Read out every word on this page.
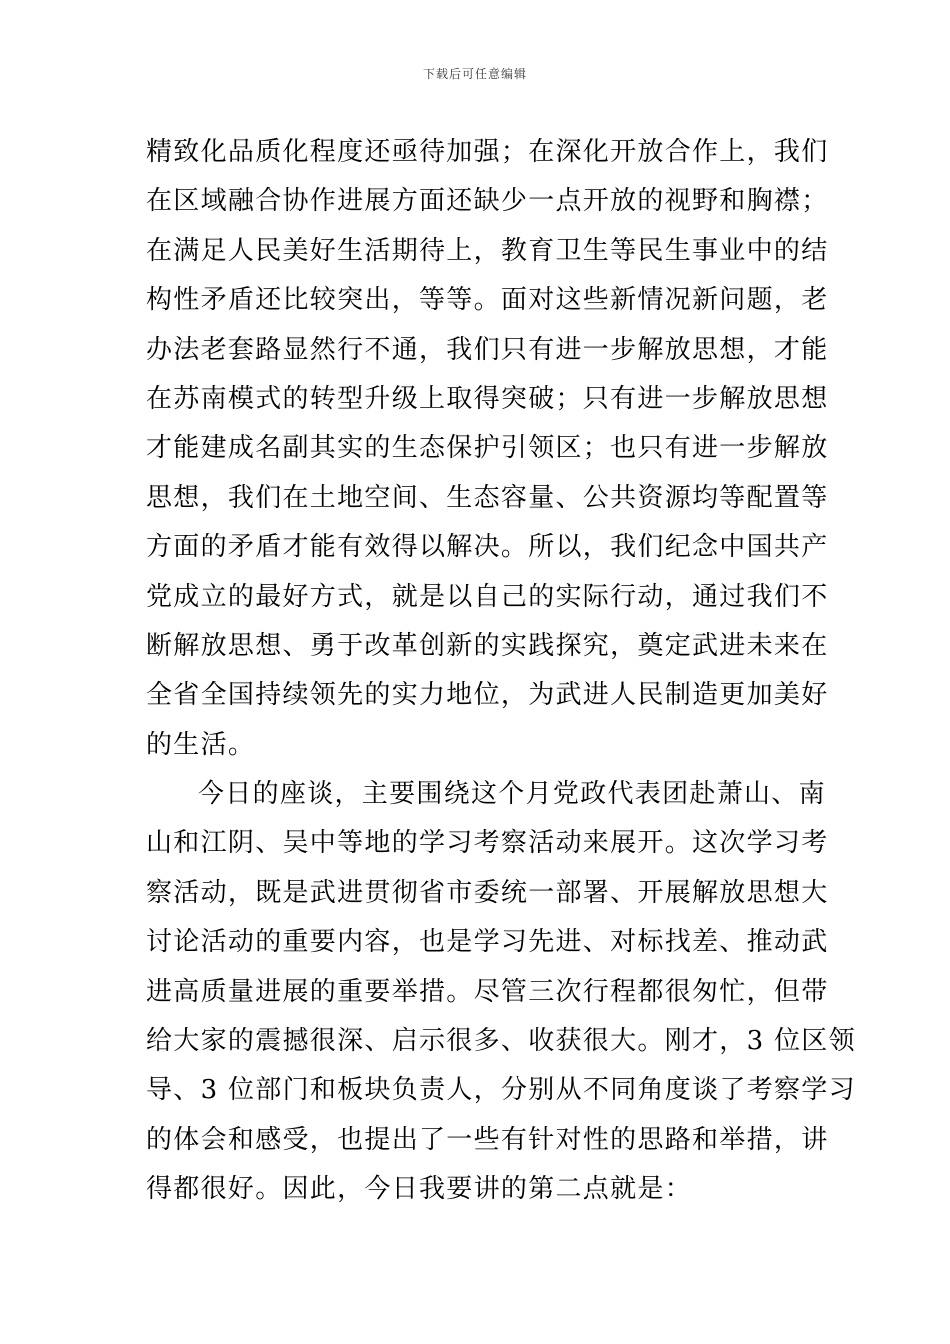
下载后可任意编辑
精致化品质化程度还亟待加强；在深化开放合作上，我们
在区域融合协作进展方面还缺少一点开放的视野和胸襟；
在满足人民美好生活期待上，教育卫生等民生事业中的结
构性矛盾还比较突出，等等。面对这些新情况新问题，老
办法老套路显然行不通，我们只有进一步解放思想，才能
在苏南模式的转型升级上取得突破；只有进一步解放思想
才能建成名副其实的生态保护引领区；也只有进一步解放
思想，我们在土地空间、生态容量、公共资源均等配置等
方面的矛盾才能有效得以解决。所以，我们纪念中国共产
党成立的最好方式，就是以自己的实际行动，通过我们不
断解放思想、勇于改革创新的实践探究，奠定武进未来在
全省全国持续领先的实力地位，为武进人民制造更加美好
的生活。
今日的座谈，主要围绕这个月党政代表团赴萧山、南
山和江阴、吴中等地的学习考察活动来展开。这次学习考
察活动，既是武进贯彻省市委统一部署、开展解放思想大
讨论活动的重要内容，也是学习先进、对标找差、推动武
进高质量进展的重要举措。尽管三次行程都很匆忙，但带
给大家的震撼很深、启示很多、收获很大。刚才，3 位区领
导、3 位部门和板块负责人，分别从不同角度谈了考察学习
的体会和感受，也提出了一些有针对性的思路和举措，讲
得都很好。因此，今日我要讲的第二点就是：
